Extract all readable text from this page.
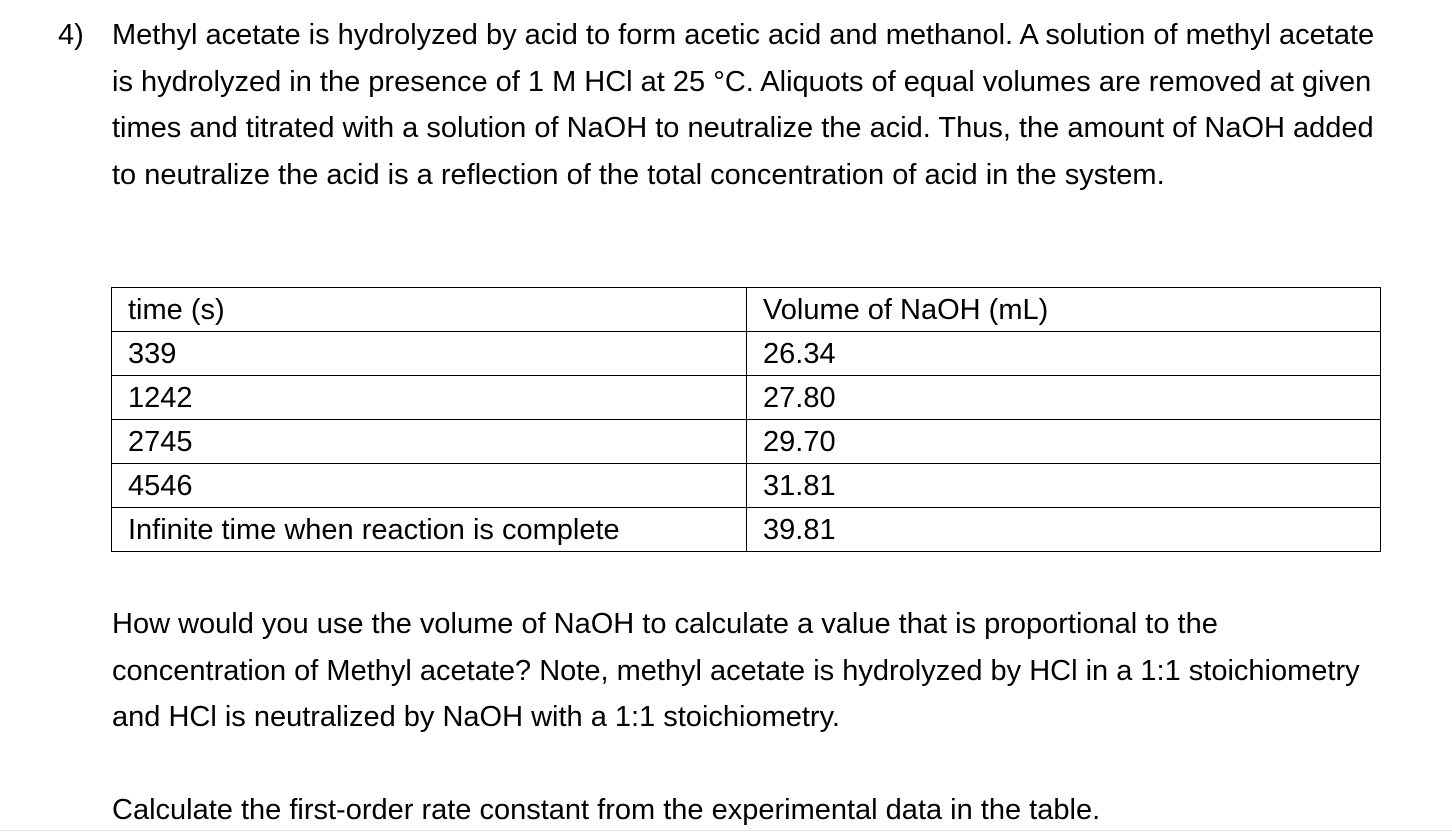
4) Methyl acetate is hydrolyzed by acid to form acetic acid and methanol. A solution of methyl acetate is hydrolyzed in the presence of 1 M HCl at 25 °C. Aliquots of equal volumes are removed at given times and titrated with a solution of NaOH to neutralize the acid. Thus, the amount of NaOH added to neutralize the acid is a reflection of the total concentration of acid in the system.

time (s)	Volume of NaOH (mL)
339	26.34
1242	27.80
2745	29.70
4546	31.81
Infinite time when reaction is complete	39.81

How would you use the volume of NaOH to calculate a value that is proportional to the concentration of Methyl acetate? Note, methyl acetate is hydrolyzed by HCl in a 1:1 stoichiometry and HCl is neutralized by NaOH with a 1:1 stoichiometry.

Calculate the first-order rate constant from the experimental data in the table.
